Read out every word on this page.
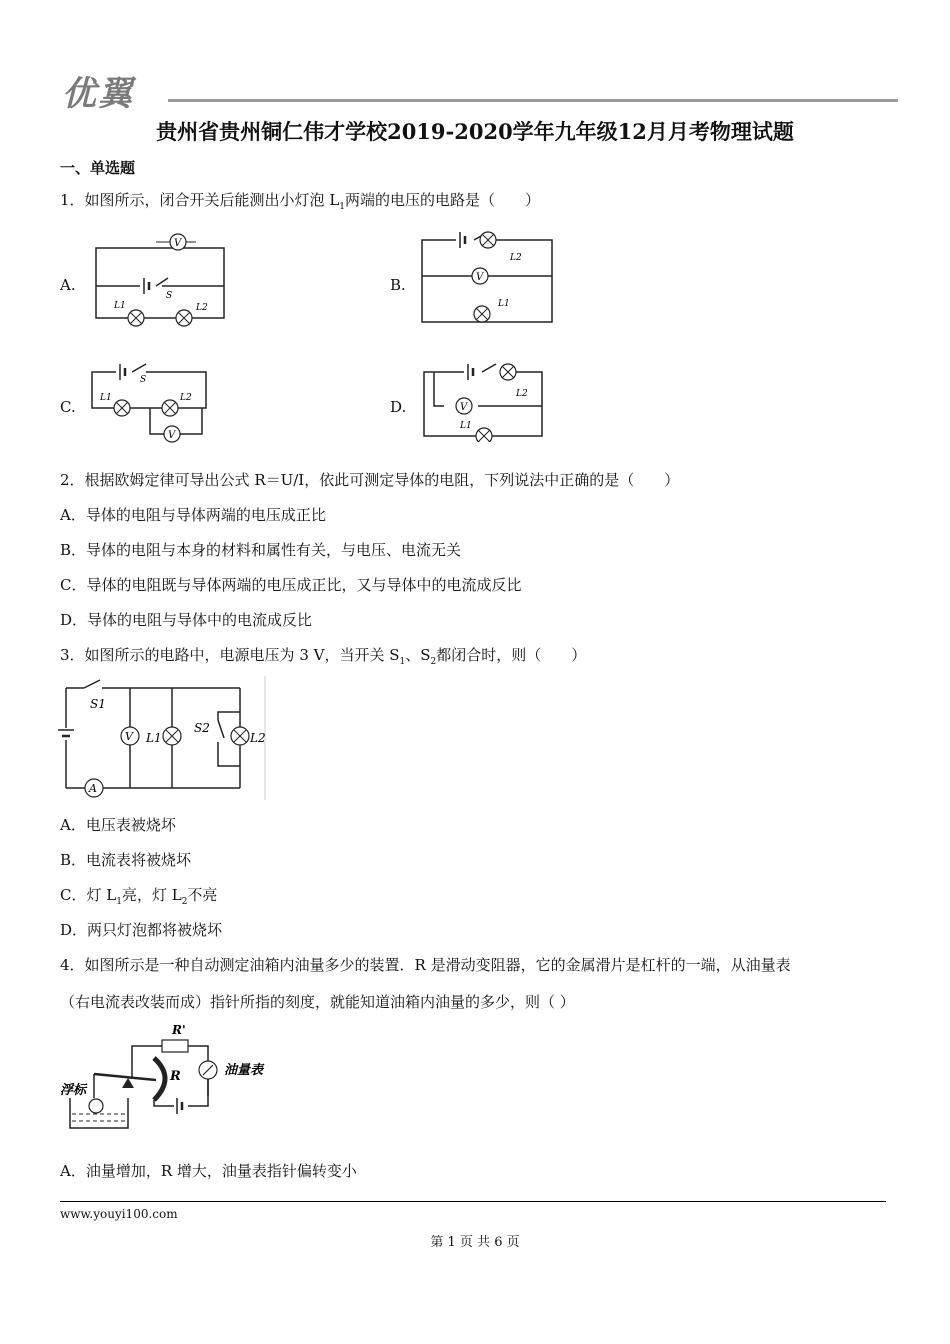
优翼
贵州省贵州铜仁伟才学校2019-2020学年九年级12月月考物理试题
一、单选题
1．如图所示，闭合开关后能测出小灯泡 $L_1$两端的电压的电路是（　　）
A.
V
S
L1	L2
B.	V
L2
L1
C.
V
L1	L2
S
D.	V
L2
L1
2．根据欧姆定律可导出公式 R＝U/I，依此可测定导体的电阻，下列说法中正确的是（　　）
A．导体的电阻与导体两端的电压成正比
B．导体的电阻与本身的材料和属性有关，与电压、电流无关
C．导体的电阻既与导体两端的电压成正比，又与导体中的电流成反比
D．导体的电阻与导体中的电流成反比
3．如图所示的电路中，电源电压为 3 V，当开关 $S_1$、$S_2$都闭合时，则（　　）
S1
V L1
S2
L2
A
A．电压表被烧坏
B．电流表将被烧坏
C．灯 $L_1$亮，灯 $L_2$不亮
D．两只灯泡都将被烧坏
4．如图所示是一种自动测定油箱内油量多少的装置．R 是滑动变阻器，它的金属滑片是杠杆的一端，从油量表
（右电流表改装而成）指针所指的刻度，就能知道油箱内油量的多少，则（ ）
R'
R	油量表
浮标
A．油量增加，R 增大，油量表指针偏转变小
www.youyi100.com
第 1 页 共 6 页
